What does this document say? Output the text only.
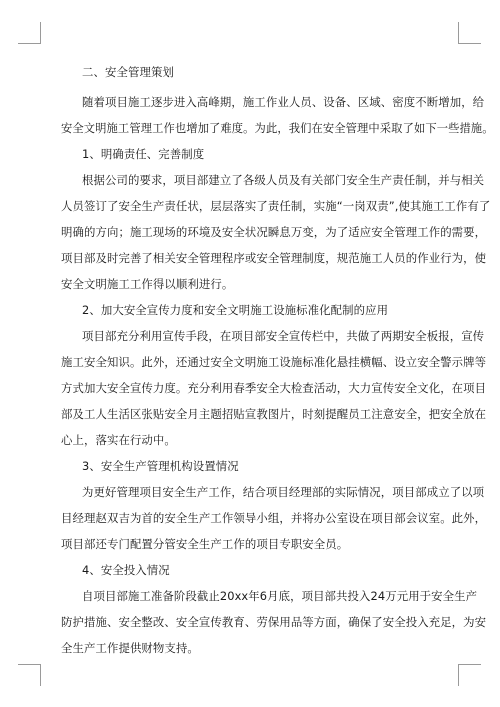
二、安全管理策划
随着项目施工逐步进入高峰期，施工作业人员、设备、区域、密度不断增加，给
安全文明施工管理工作也增加了难度。为此，我们在安全管理中采取了如下一些措施。
1、明确责任、完善制度
根据公司的要求，项目部建立了各级人员及有关部门安全生产责任制，并与相关
人员签订了安全生产责任状，层层落实了责任制，实施“一岗双责”,使其施工工作有了
明确的方向；施工现场的环境及安全状况瞬息万变，为了适应安全管理工作的需要，
项目部及时完善了相关安全管理程序或安全管理制度，规范施工人员的作业行为，使
安全文明施工工作得以顺利进行。
2、加大安全宣传力度和安全文明施工设施标准化配制的应用
项目部充分利用宣传手段，在项目部安全宣传栏中，共做了两期安全板报，宣传
施工安全知识。此外，还通过安全文明施工设施标准化悬挂横幅、设立安全警示牌等
方式加大安全宣传力度。充分利用春季安全大检查活动，大力宣传安全文化，在项目
部及工人生活区张贴安全月主题招贴宣教图片，时刻提醒员工注意安全，把安全放在
心上，落实在行动中。
3、安全生产管理机构设置情况
为更好管理项目安全生产工作，结合项目经理部的实际情况，项目部成立了以项
目经理赵双吉为首的安全生产工作领导小组，并将办公室设在项目部会议室。此外，
项目部还专门配置分管安全生产工作的项目专职安全员。
4、安全投入情况
自项目部施工准备阶段截止20xx年6月底，项目部共投入24万元用于安全生产
防护措施、安全整改、安全宣传教育、劳保用品等方面，确保了安全投入充足，为安
全生产工作提供财物支持。
